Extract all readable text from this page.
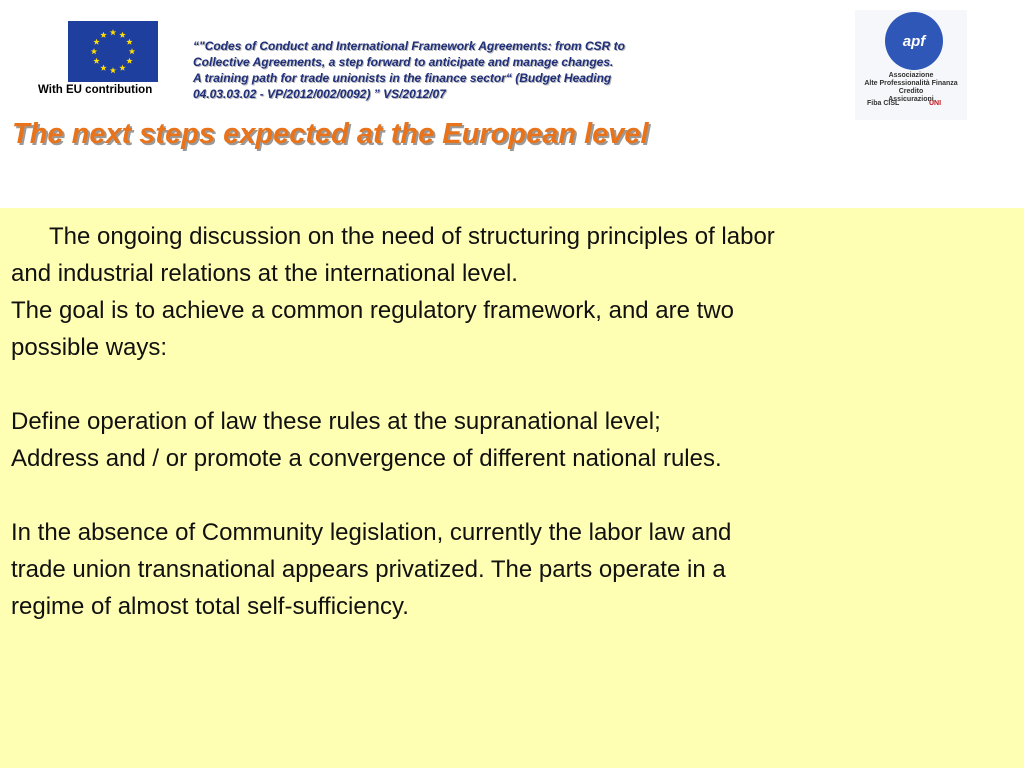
With EU contribution
“"Codes of Conduct and International Framework Agreements: from CSR to
Collective Agreements, a step forward to anticipate and manage changes.
A training path for trade unionists in the finance sector“ (Budget Heading
04.03.03.02 - VP/2012/002/0092) ” VS/2012/07
apf
Associazione
Alte Professionalità Finanza
Credito
Assicurazioni
Fiba CISL	UNI
The next steps expected at the European level

The ongoing discussion on the need of structuring principles of labor

and industrial relations at the international level.

The goal is to achieve a common regulatory framework, and are two

possible ways:

Define operation of law these rules at the supranational level;

Address and / or promote a convergence of different national rules.

In the absence of Community legislation, currently the labor law and

trade union transnational appears privatized. The parts operate in a

regime of almost total self-sufficiency.
